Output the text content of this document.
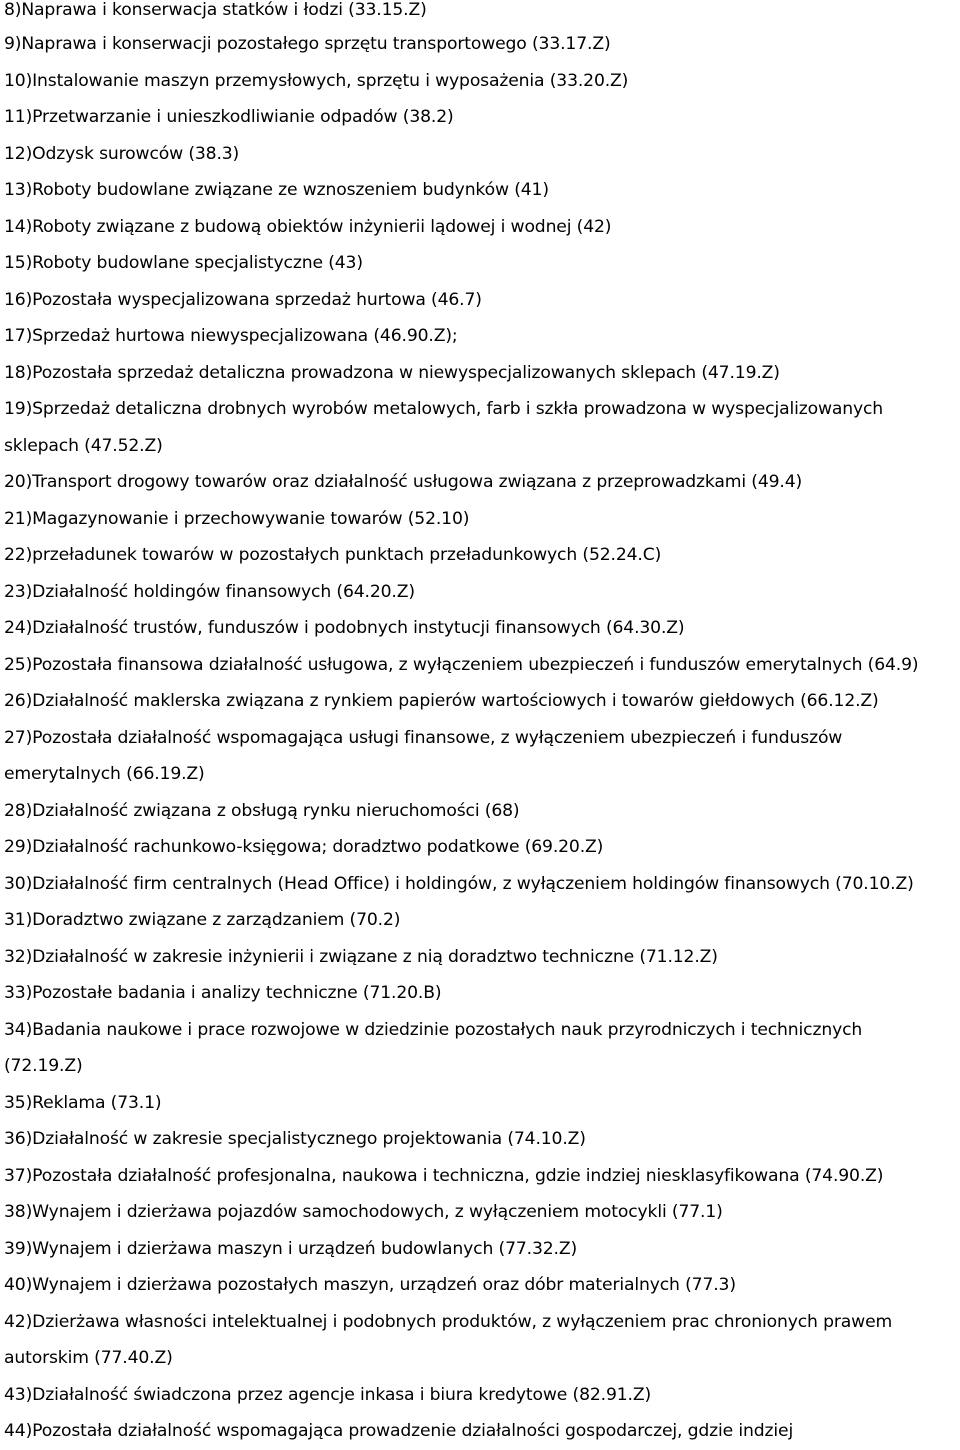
8)Naprawa i konserwacja statków i łodzi (33.15.Z)
9)Naprawa i konserwacji pozostałego sprzętu transportowego (33.17.Z)
10)Instalowanie maszyn przemysłowych, sprzętu i wyposażenia (33.20.Z)
11)Przetwarzanie i unieszkodliwianie odpadów (38.2)
12)Odzysk surowców (38.3)
13)Roboty budowlane związane ze wznoszeniem budynków (41)
14)Roboty związane z budową obiektów inżynierii lądowej i wodnej (42)
15)Roboty budowlane specjalistyczne (43)
16)Pozostała wyspecjalizowana sprzedaż hurtowa (46.7)
17)Sprzedaż hurtowa niewyspecjalizowana (46.90.Z);
18)Pozostała sprzedaż detaliczna prowadzona w niewyspecjalizowanych sklepach (47.19.Z)
19)Sprzedaż detaliczna drobnych wyrobów metalowych, farb i szkła prowadzona w wyspecjalizowanych
sklepach (47.52.Z)
20)Transport drogowy towarów oraz działalność usługowa związana z przeprowadzkami (49.4)
21)Magazynowanie i przechowywanie towarów (52.10)
22)przeładunek towarów w pozostałych punktach przeładunkowych (52.24.C)
23)Działalność holdingów finansowych (64.20.Z)
24)Działalność trustów, funduszów i podobnych instytucji finansowych (64.30.Z)
25)Pozostała finansowa działalność usługowa, z wyłączeniem ubezpieczeń i funduszów emerytalnych (64.9)
26)Działalność maklerska związana z rynkiem papierów wartościowych i towarów giełdowych (66.12.Z)
27)Pozostała działalność wspomagająca usługi finansowe, z wyłączeniem ubezpieczeń i funduszów
emerytalnych (66.19.Z)
28)Działalność związana z obsługą rynku nieruchomości (68)
29)Działalność rachunkowo-księgowa; doradztwo podatkowe (69.20.Z)
30)Działalność firm centralnych (Head Office) i holdingów, z wyłączeniem holdingów finansowych (70.10.Z)
31)Doradztwo związane z zarządzaniem (70.2)
32)Działalność w zakresie inżynierii i związane z nią doradztwo techniczne (71.12.Z)
33)Pozostałe badania i analizy techniczne (71.20.B)
34)Badania naukowe i prace rozwojowe w dziedzinie pozostałych nauk przyrodniczych i technicznych
(72.19.Z)
35)Reklama (73.1)
36)Działalność w zakresie specjalistycznego projektowania (74.10.Z)
37)Pozostała działalność profesjonalna, naukowa i techniczna, gdzie indziej niesklasyfikowana (74.90.Z)
38)Wynajem i dzierżawa pojazdów samochodowych, z wyłączeniem motocykli (77.1)
39)Wynajem i dzierżawa maszyn i urządzeń budowlanych (77.32.Z)
40)Wynajem i dzierżawa pozostałych maszyn, urządzeń oraz dóbr materialnych (77.3)
42)Dzierżawa własności intelektualnej i podobnych produktów, z wyłączeniem prac chronionych prawem
autorskim (77.40.Z)
43)Działalność świadczona przez agencje inkasa i biura kredytowe (82.91.Z)
44)Pozostała działalność wspomagająca prowadzenie działalności gospodarczej, gdzie indziej
